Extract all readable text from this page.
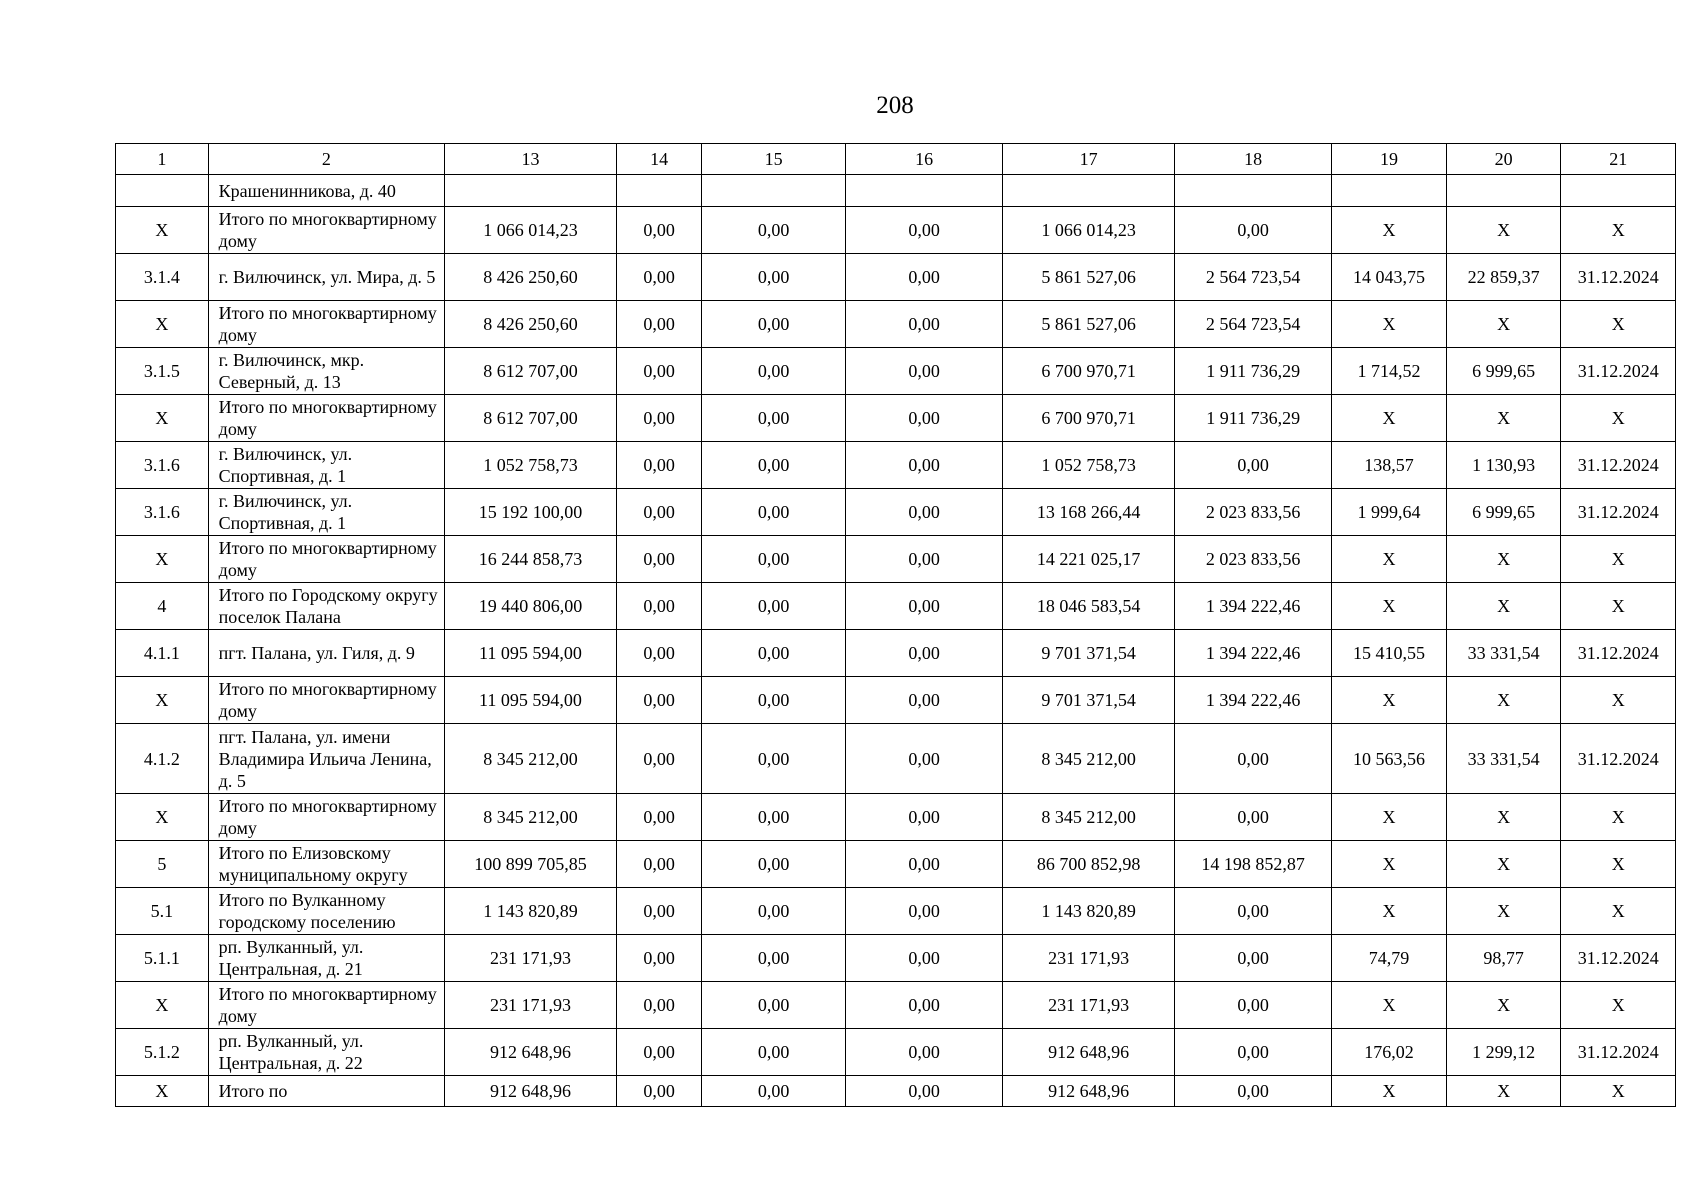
208
1	2	13	14	15	16	17	18	19	20	21
	Крашенинникова, д. 40									
Х	Итого по многоквартирному дому	1 066 014,23	0,00	0,00	0,00	1 066 014,23	0,00	Х	Х	Х
3.1.4	г. Вилючинск, ул. Мира, д. 5	8 426 250,60	0,00	0,00	0,00	5 861 527,06	2 564 723,54	14 043,75	22 859,37	31.12.2024
Х	Итого по многоквартирному дому	8 426 250,60	0,00	0,00	0,00	5 861 527,06	2 564 723,54	Х	Х	Х
3.1.5	г. Вилючинск, мкр. Северный, д. 13	8 612 707,00	0,00	0,00	0,00	6 700 970,71	1 911 736,29	1 714,52	6 999,65	31.12.2024
Х	Итого по многоквартирному дому	8 612 707,00	0,00	0,00	0,00	6 700 970,71	1 911 736,29	Х	Х	Х
3.1.6	г. Вилючинск, ул. Спортивная, д. 1	1 052 758,73	0,00	0,00	0,00	1 052 758,73	0,00	138,57	1 130,93	31.12.2024
3.1.6	г. Вилючинск, ул. Спортивная, д. 1	15 192 100,00	0,00	0,00	0,00	13 168 266,44	2 023 833,56	1 999,64	6 999,65	31.12.2024
Х	Итого по многоквартирному дому	16 244 858,73	0,00	0,00	0,00	14 221 025,17	2 023 833,56	Х	Х	Х
4	Итого по Городскому округу поселок Палана	19 440 806,00	0,00	0,00	0,00	18 046 583,54	1 394 222,46	Х	Х	Х
4.1.1	пгт. Палана, ул. Гиля, д. 9	11 095 594,00	0,00	0,00	0,00	9 701 371,54	1 394 222,46	15 410,55	33 331,54	31.12.2024
Х	Итого по многоквартирному дому	11 095 594,00	0,00	0,00	0,00	9 701 371,54	1 394 222,46	Х	Х	Х
4.1.2	пгт. Палана, ул. имени Владимира Ильича Ленина, д. 5	8 345 212,00	0,00	0,00	0,00	8 345 212,00	0,00	10 563,56	33 331,54	31.12.2024
Х	Итого по многоквартирному дому	8 345 212,00	0,00	0,00	0,00	8 345 212,00	0,00	Х	Х	Х
5	Итого по Елизовскому муниципальному округу	100 899 705,85	0,00	0,00	0,00	86 700 852,98	14 198 852,87	Х	Х	Х
5.1	Итого по Вулканному городскому поселению	1 143 820,89	0,00	0,00	0,00	1 143 820,89	0,00	Х	Х	Х
5.1.1	рп. Вулканный, ул. Центральная, д. 21	231 171,93	0,00	0,00	0,00	231 171,93	0,00	74,79	98,77	31.12.2024
Х	Итого по многоквартирному дому	231 171,93	0,00	0,00	0,00	231 171,93	0,00	Х	Х	Х
5.1.2	рп. Вулканный, ул. Центральная, д. 22	912 648,96	0,00	0,00	0,00	912 648,96	0,00	176,02	1 299,12	31.12.2024
Х	Итого по	912 648,96	0,00	0,00	0,00	912 648,96	0,00	Х	Х	Х
